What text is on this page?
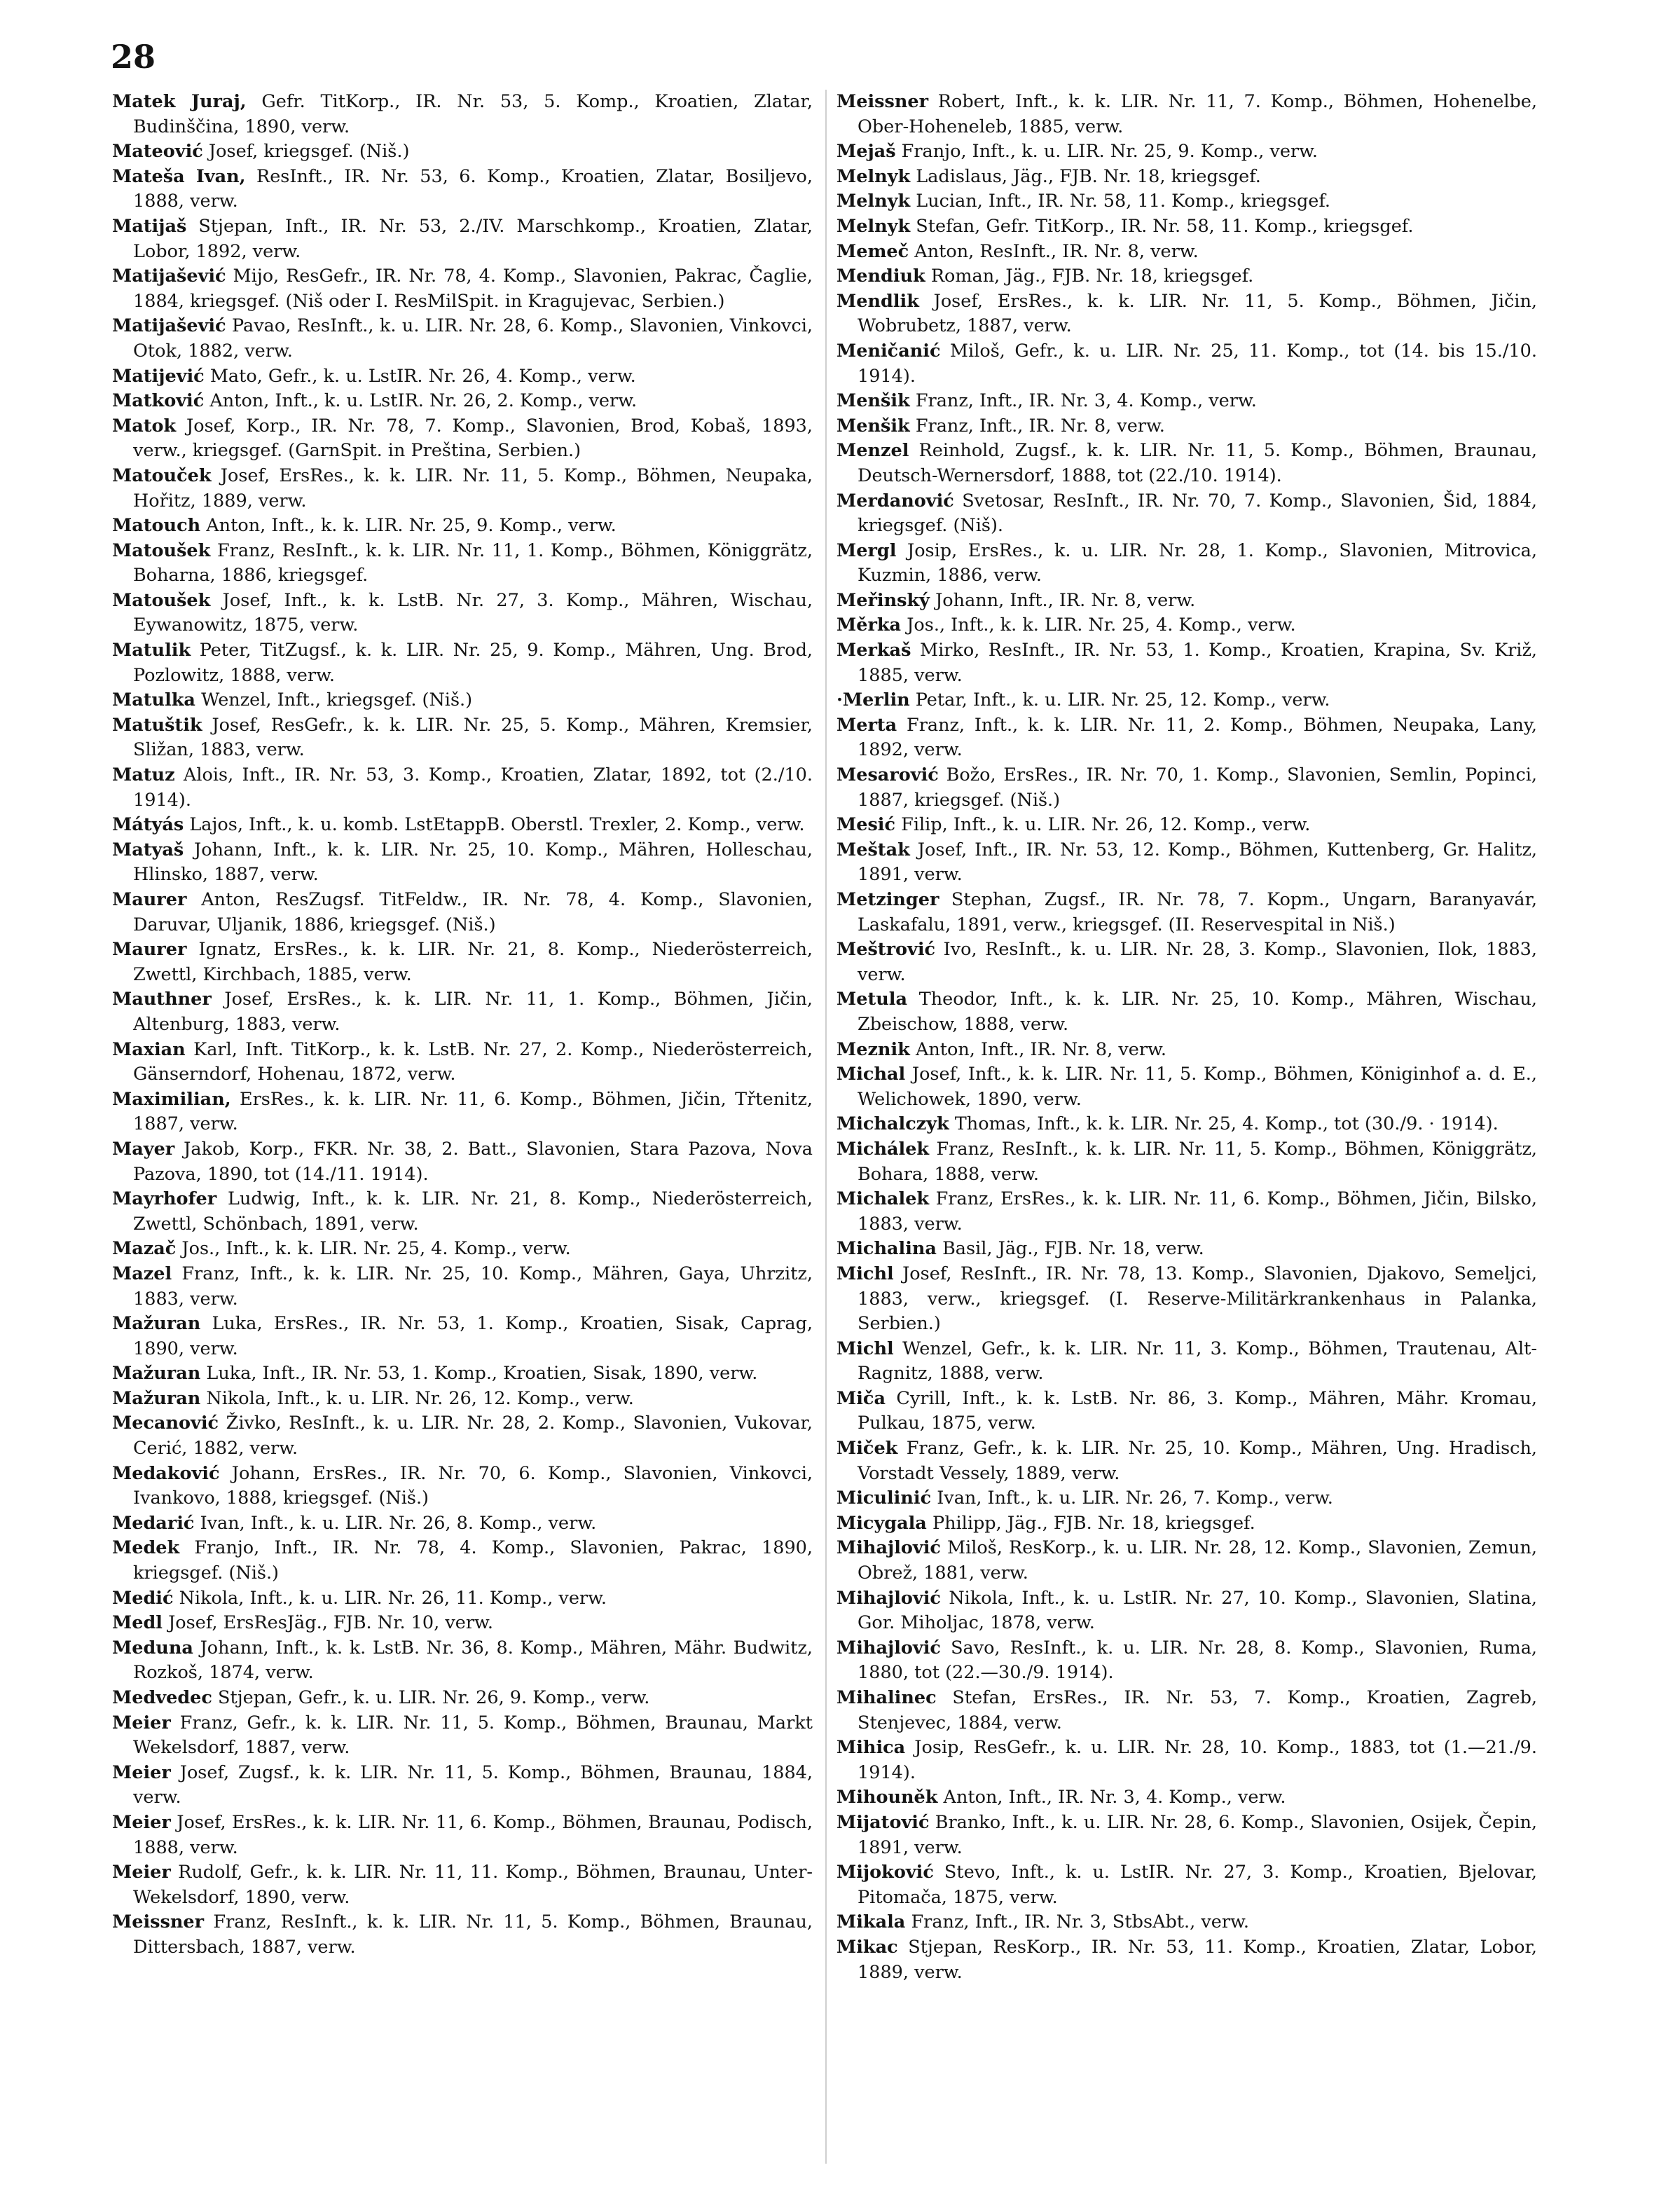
28
Matek Juraj, Gefr. TitKorp., IR. Nr. 53, 5. Komp., Kroatien, Zlatar, Budinščina, 1890, verw.
Mateović Josef, kriegsgef. (Niš.)
Mateša Ivan, ResInft., IR. Nr. 53, 6. Komp., Kroatien, Zlatar, Bosiljevo, 1888, verw.
Matijaš Stjepan, Inft., IR. Nr. 53, 2./IV. Marschkomp., Kroatien, Zlatar, Lobor, 1892, verw.
Matijašević Mijo, ResGefr., IR. Nr. 78, 4. Komp., Slavonien, Pakrac, Čaglie, 1884, kriegsgef. (Niš oder I. ResMilSpit. in Kragujevac, Serbien.)
Matijašević Pavao, ResInft., k. u. LIR. Nr. 28, 6. Komp., Slavonien, Vinkovci, Otok, 1882, verw.
Matijević Mato, Gefr., k. u. LstIR. Nr. 26, 4. Komp., verw.
Matković Anton, Inft., k. u. LstIR. Nr. 26, 2. Komp., verw.
Matok Josef, Korp., IR. Nr. 78, 7. Komp., Slavonien, Brod, Kobaš, 1893, verw., kriegsgef. (GarnSpit. in Preština, Serbien.)
Matouček Josef, ErsRes., k. k. LIR. Nr. 11, 5. Komp., Böhmen, Neupaka, Hořitz, 1889, verw.
Matouch Anton, Inft., k. k. LIR. Nr. 25, 9. Komp., verw.
Matoušek Franz, ResInft., k. k. LIR. Nr. 11, 1. Komp., Böhmen, Königgrätz, Boharna, 1886, kriegsgef.
Matoušek Josef, Inft., k. k. LstB. Nr. 27, 3. Komp., Mähren, Wischau, Eywanowitz, 1875, verw.
Matulik Peter, TitZugsf., k. k. LIR. Nr. 25, 9. Komp., Mähren, Ung. Brod, Pozlowitz, 1888, verw.
Matulka Wenzel, Inft., kriegsgef. (Niš.)
Matuštik Josef, ResGefr., k. k. LIR. Nr. 25, 5. Komp., Mähren, Kremsier, Sližan, 1883, verw.
Matuz Alois, Inft., IR. Nr. 53, 3. Komp., Kroatien, Zlatar, 1892, tot (2./10. 1914).
Mátyás Lajos, Inft., k. u. komb. LstEtappB. Oberstl. Trexler, 2. Komp., verw.
Matyaš Johann, Inft., k. k. LIR. Nr. 25, 10. Komp., Mähren, Holleschau, Hlinsko, 1887, verw.
Maurer Anton, ResZugsf. TitFeldw., IR. Nr. 78, 4. Komp., Slavonien, Daruvar, Uljanik, 1886, kriegsgef. (Niš.)
Maurer Ignatz, ErsRes., k. k. LIR. Nr. 21, 8. Komp., Niederösterreich, Zwettl, Kirchbach, 1885, verw.
Mauthner Josef, ErsRes., k. k. LIR. Nr. 11, 1. Komp., Böhmen, Jičin, Altenburg, 1883, verw.
Maxian Karl, Inft. TitKorp., k. k. LstB. Nr. 27, 2. Komp., Niederösterreich, Gänserndorf, Hohenau, 1872, verw.
Maximilian, ErsRes., k. k. LIR. Nr. 11, 6. Komp., Böhmen, Jičin, Třtenitz, 1887, verw.
Mayer Jakob, Korp., FKR. Nr. 38, 2. Batt., Slavonien, Stara Pazova, Nova Pazova, 1890, tot (14./11. 1914).
Mayrhofer Ludwig, Inft., k. k. LIR. Nr. 21, 8. Komp., Niederösterreich, Zwettl, Schönbach, 1891, verw.
Mazač Jos., Inft., k. k. LIR. Nr. 25, 4. Komp., verw.
Mazel Franz, Inft., k. k. LIR. Nr. 25, 10. Komp., Mähren, Gaya, Uhrzitz, 1883, verw.
Mažuran Luka, ErsRes., IR. Nr. 53, 1. Komp., Kroatien, Sisak, Caprag, 1890, verw.
Mažuran Luka, Inft., IR. Nr. 53, 1. Komp., Kroatien, Sisak, 1890, verw.
Mažuran Nikola, Inft., k. u. LIR. Nr. 26, 12. Komp., verw.
Mecanović Živko, ResInft., k. u. LIR. Nr. 28, 2. Komp., Slavonien, Vukovar, Cerić, 1882, verw.
Medaković Johann, ErsRes., IR. Nr. 70, 6. Komp., Slavonien, Vinkovci, Ivankovo, 1888, kriegsgef. (Niš.)
Medarić Ivan, Inft., k. u. LIR. Nr. 26, 8. Komp., verw.
Medek Franjo, Inft., IR. Nr. 78, 4. Komp., Slavonien, Pakrac, 1890, kriegsgef. (Niš.)
Medić Nikola, Inft., k. u. LIR. Nr. 26, 11. Komp., verw.
Medl Josef, ErsResJäg., FJB. Nr. 10, verw.
Meduna Johann, Inft., k. k. LstB. Nr. 36, 8. Komp., Mähren, Mähr. Budwitz, Rozkoš, 1874, verw.
Medvedec Stjepan, Gefr., k. u. LIR. Nr. 26, 9. Komp., verw.
Meier Franz, Gefr., k. k. LIR. Nr. 11, 5. Komp., Böhmen, Braunau, Markt Wekelsdorf, 1887, verw.
Meier Josef, Zugsf., k. k. LIR. Nr. 11, 5. Komp., Böhmen, Braunau, 1884, verw.
Meier Josef, ErsRes., k. k. LIR. Nr. 11, 6. Komp., Böhmen, Braunau, Podisch, 1888, verw.
Meier Rudolf, Gefr., k. k. LIR. Nr. 11, 11. Komp., Böhmen, Braunau, Unter-Wekelsdorf, 1890, verw.
Meissner Franz, ResInft., k. k. LIR. Nr. 11, 5. Komp., Böhmen, Braunau, Dittersbach, 1887, verw.
Meissner Robert, Inft., k. k. LIR. Nr. 11, 7. Komp., Böhmen, Hohenelbe, Ober-Hoheneleb, 1885, verw.
Mejaš Franjo, Inft., k. u. LIR. Nr. 25, 9. Komp., verw.
Melnyk Ladislaus, Jäg., FJB. Nr. 18, kriegsgef.
Melnyk Lucian, Inft., IR. Nr. 58, 11. Komp., kriegsgef.
Melnyk Stefan, Gefr. TitKorp., IR. Nr. 58, 11. Komp., kriegsgef.
Memeč Anton, ResInft., IR. Nr. 8, verw.
Mendiuk Roman, Jäg., FJB. Nr. 18, kriegsgef.
Mendlik Josef, ErsRes., k. k. LIR. Nr. 11, 5. Komp., Böhmen, Jičin, Wobrubetz, 1887, verw.
Meničanić Miloš, Gefr., k. u. LIR. Nr. 25, 11. Komp., tot (14. bis 15./10. 1914).
Menšik Franz, Inft., IR. Nr. 3, 4. Komp., verw.
Menšik Franz, Inft., IR. Nr. 8, verw.
Menzel Reinhold, Zugsf., k. k. LIR. Nr. 11, 5. Komp., Böhmen, Braunau, Deutsch-Wernersdorf, 1888, tot (22./10. 1914).
Merdanović Svetosar, ResInft., IR. Nr. 70, 7. Komp., Slavonien, Šid, 1884, kriegsgef. (Niš).
Mergl Josip, ErsRes., k. u. LIR. Nr. 28, 1. Komp., Slavonien, Mitrovica, Kuzmin, 1886, verw.
Meřinský Johann, Inft., IR. Nr. 8, verw.
Měrka Jos., Inft., k. k. LIR. Nr. 25, 4. Komp., verw.
Merkaš Mirko, ResInft., IR. Nr. 53, 1. Komp., Kroatien, Krapina, Sv. Križ, 1885, verw.
·Merlin Petar, Inft., k. u. LIR. Nr. 25, 12. Komp., verw.
Merta Franz, Inft., k. k. LIR. Nr. 11, 2. Komp., Böhmen, Neupaka, Lany, 1892, verw.
Mesarović Božo, ErsRes., IR. Nr. 70, 1. Komp., Slavonien, Semlin, Popinci, 1887, kriegsgef. (Niš.)
Mesić Filip, Inft., k. u. LIR. Nr. 26, 12. Komp., verw.
Meštak Josef, Inft., IR. Nr. 53, 12. Komp., Böhmen, Kuttenberg, Gr. Halitz, 1891, verw.
Metzinger Stephan, Zugsf., IR. Nr. 78, 7. Kopm., Ungarn, Baranyavár, Laskafalu, 1891, verw., kriegsgef. (II. Reservespital in Niš.)
Meštrović Ivo, ResInft., k. u. LIR. Nr. 28, 3. Komp., Slavonien, Ilok, 1883, verw.
Metula Theodor, Inft., k. k. LIR. Nr. 25, 10. Komp., Mähren, Wischau, Zbeischow, 1888, verw.
Meznik Anton, Inft., IR. Nr. 8, verw.
Michal Josef, Inft., k. k. LIR. Nr. 11, 5. Komp., Böhmen, Königinhof a. d. E., Welichowek, 1890, verw.
Michalczyk Thomas, Inft., k. k. LIR. Nr. 25, 4. Komp., tot (30./9. · 1914).
Michálek Franz, ResInft., k. k. LIR. Nr. 11, 5. Komp., Böhmen, Königgrätz, Bohara, 1888, verw.
Michalek Franz, ErsRes., k. k. LIR. Nr. 11, 6. Komp., Böhmen, Jičin, Bilsko, 1883, verw.
Michalina Basil, Jäg., FJB. Nr. 18, verw.
Michl Josef, ResInft., IR. Nr. 78, 13. Komp., Slavonien, Djakovo, Semeljci, 1883, verw., kriegsgef. (I. Reserve-Militärkrankenhaus in Palanka, Serbien.)
Michl Wenzel, Gefr., k. k. LIR. Nr. 11, 3. Komp., Böhmen, Trautenau, Alt-Ragnitz, 1888, verw.
Miča Cyrill, Inft., k. k. LstB. Nr. 86, 3. Komp., Mähren, Mähr. Kromau, Pulkau, 1875, verw.
Miček Franz, Gefr., k. k. LIR. Nr. 25, 10. Komp., Mähren, Ung. Hradisch, Vorstadt Vessely, 1889, verw.
Miculinić Ivan, Inft., k. u. LIR. Nr. 26, 7. Komp., verw.
Micygala Philipp, Jäg., FJB. Nr. 18, kriegsgef.
Mihajlović Miloš, ResKorp., k. u. LIR. Nr. 28, 12. Komp., Slavonien, Zemun, Obrež, 1881, verw.
Mihajlović Nikola, Inft., k. u. LstIR. Nr. 27, 10. Komp., Slavonien, Slatina, Gor. Miholjac, 1878, verw.
Mihajlović Savo, ResInft., k. u. LIR. Nr. 28, 8. Komp., Slavonien, Ruma, 1880, tot (22.—30./9. 1914).
Mihalinec Stefan, ErsRes., IR. Nr. 53, 7. Komp., Kroatien, Zagreb, Stenjevec, 1884, verw.
Mihica Josip, ResGefr., k. u. LIR. Nr. 28, 10. Komp., 1883, tot (1.—21./9. 1914).
Mihouněk Anton, Inft., IR. Nr. 3, 4. Komp., verw.
Mijatović Branko, Inft., k. u. LIR. Nr. 28, 6. Komp., Slavonien, Osijek, Čepin, 1891, verw.
Mijoković Stevo, Inft., k. u. LstIR. Nr. 27, 3. Komp., Kroatien, Bjelovar, Pitomača, 1875, verw.
Mikala Franz, Inft., IR. Nr. 3, StbsAbt., verw.
Mikac Stjepan, ResKorp., IR. Nr. 53, 11. Komp., Kroatien, Zlatar, Lobor, 1889, verw.
